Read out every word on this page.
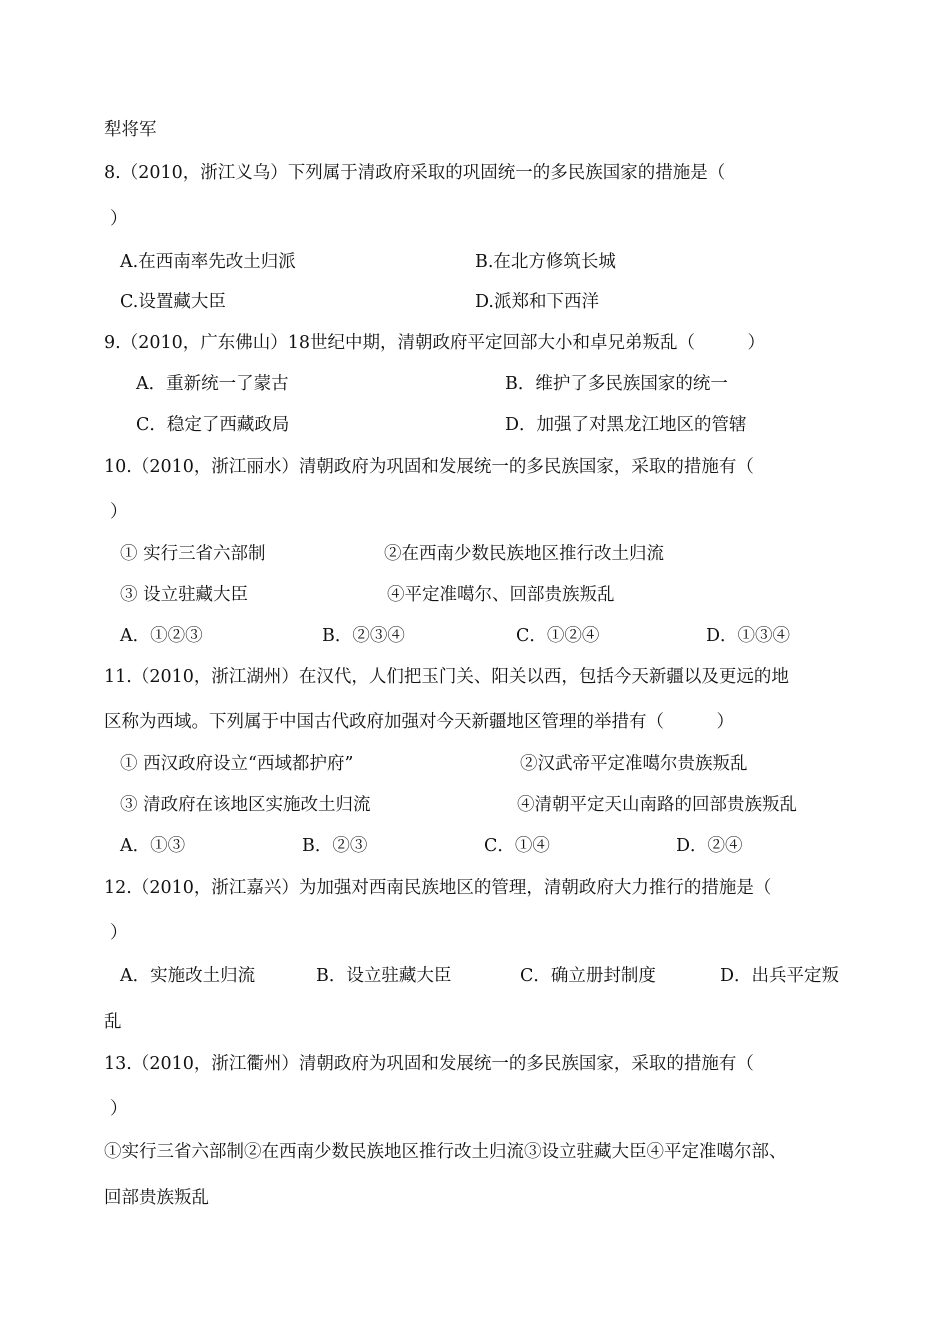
犁将军
8.（2010，浙江义乌）下列属于清政府采取的巩固统一的多民族国家的措施是（
）
A.在西南率先改土归派	B.在北方修筑长城
C.设置藏大臣	D.派郑和下西洋
9.（2010，广东佛山）18世纪中期，清朝政府平定回部大小和卓兄弟叛乱（　　　）
A．重新统一了蒙古	B．维护了多民族国家的统一
C．稳定了西藏政局	D．加强了对黑龙江地区的管辖
10.（2010，浙江丽水）清朝政府为巩固和发展统一的多民族国家，采取的措施有（
）
① 实行三省六部制	②在西南少数民族地区推行改土归流
③ 设立驻藏大臣	④平定准噶尔、回部贵族叛乱
A．①②③	B．②③④	C．①②④	D．①③④
11.（2010，浙江湖州）在汉代，人们把玉门关、阳关以西，包括今天新疆以及更远的地
区称为西域。下列属于中国古代政府加强对今天新疆地区管理的举措有（　　　）
① 西汉政府设立“西域都护府”	②汉武帝平定准噶尔贵族叛乱
③ 清政府在该地区实施改土归流	④清朝平定天山南路的回部贵族叛乱
A．①③	B．②③	C．①④	D．②④
12.（2010，浙江嘉兴）为加强对西南民族地区的管理，清朝政府大力推行的措施是（
）
A．实施改土归流	B．设立驻藏大臣	C．确立册封制度	D．出兵平定叛
乱
13.（2010，浙江衢州）清朝政府为巩固和发展统一的多民族国家，采取的措施有（
）
①实行三省六部制②在西南少数民族地区推行改土归流③设立驻藏大臣④平定准噶尔部、
回部贵族叛乱
